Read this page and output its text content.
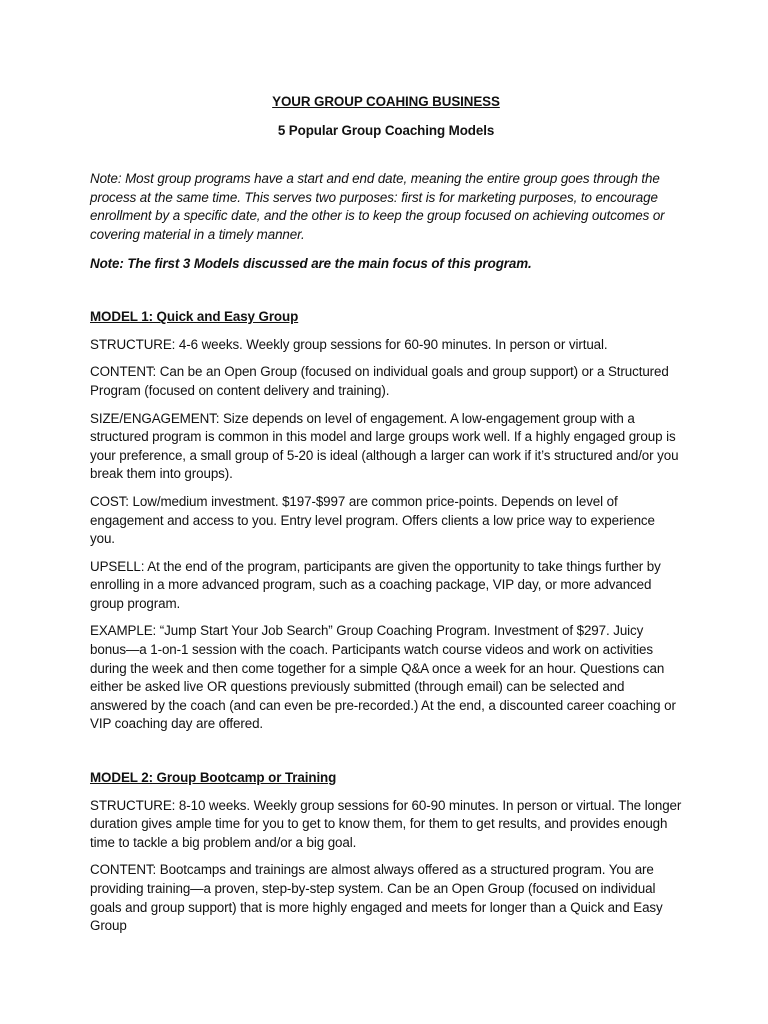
YOUR GROUP COAHING BUSINESS

5 Popular Group Coaching Models

Note: Most group programs have a start and end date, meaning the entire group goes through the process at the same time. This serves two purposes: first is for marketing purposes, to encourage enrollment by a specific date, and the other is to keep the group focused on achieving outcomes or covering material in a timely manner.

Note: The first 3 Models discussed are the main focus of this program.

MODEL 1: Quick and Easy Group

STRUCTURE: 4-6 weeks. Weekly group sessions for 60-90 minutes. In person or virtual.

CONTENT: Can be an Open Group (focused on individual goals and group support) or a Structured Program (focused on content delivery and training).

SIZE/ENGAGEMENT: Size depends on level of engagement. A low-engagement group with a structured program is common in this model and large groups work well. If a highly engaged group is your preference, a small group of 5-20 is ideal (although a larger can work if it’s structured and/or you break them into groups).

COST: Low/medium investment. $197-$997 are common price-points. Depends on level of engagement and access to you. Entry level program. Offers clients a low price way to experience you.

UPSELL: At the end of the program, participants are given the opportunity to take things further by enrolling in a more advanced program, such as a coaching package, VIP day, or more advanced group program.

EXAMPLE: “Jump Start Your Job Search” Group Coaching Program. Investment of $297. Juicy bonus—a 1-on-1 session with the coach. Participants watch course videos and work on activities during the week and then come together for a simple Q&A once a week for an hour. Questions can either be asked live OR questions previously submitted (through email) can be selected and answered by the coach (and can even be pre-recorded.) At the end, a discounted career coaching or VIP coaching day are offered.

MODEL 2: Group Bootcamp or Training

STRUCTURE: 8-10 weeks. Weekly group sessions for 60-90 minutes. In person or virtual. The longer duration gives ample time for you to get to know them, for them to get results, and provides enough time to tackle a big problem and/or a big goal.

CONTENT: Bootcamps and trainings are almost always offered as a structured program. You are providing training—a proven, step-by-step system. Can be an Open Group (focused on individual goals and group support) that is more highly engaged and meets for longer than a Quick and Easy Group
